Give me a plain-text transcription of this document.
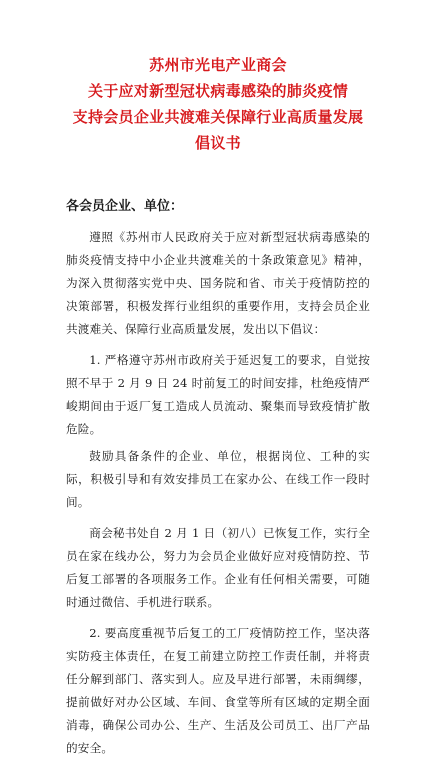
苏州市光电产业商会
关于应对新型冠状病毒感染的肺炎疫情
支持会员企业共渡难关保障行业高质量发展
倡议书
各会员企业、单位：

遵照《苏州市人民政府关于应对新型冠状病毒感染的肺炎疫情支持中小企业共渡难关的十条政策意见》精神，为深入贯彻落实党中央、国务院和省、市关于疫情防控的决策部署，积极发挥行业组织的重要作用，支持会员企业共渡难关、保障行业高质量发展，发出以下倡议：

1. 严格遵守苏州市政府关于延迟复工的要求，自觉按照不早于 2 月 9 日 24 时前复工的时间安排，杜绝疫情严峻期间由于返厂复工造成人员流动、聚集而导致疫情扩散危险。

鼓励具备条件的企业、单位，根据岗位、工种的实际，积极引导和有效安排员工在家办公、在线工作一段时间。

商会秘书处自 2 月 1 日（初八）已恢复工作，实行全员在家在线办公，努力为会员企业做好应对疫情防控、节后复工部署的各项服务工作。企业有任何相关需要，可随时通过微信、手机进行联系。

2. 要高度重视节后复工的工厂疫情防控工作，坚决落实防疫主体责任，在复工前建立防控工作责任制，并将责任分解到部门、落实到人。应及早进行部署，未雨绸缪，提前做好对办公区域、车间、食堂等所有区域的定期全面消毒，确保公司办公、生产、生活及公司员工、出厂产品的安全。
